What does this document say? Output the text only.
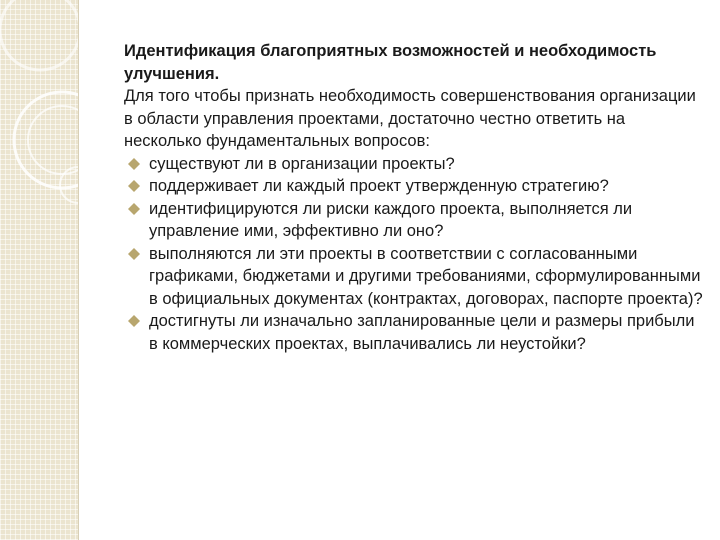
Идентификация благоприятных возможностей и необходимость улучшения.

Для того чтобы признать необходимость совершенствования организации в области управления проектами, достаточно честно ответить на несколько фундаментальных вопросов:

существуют ли в организации проекты?
поддерживает ли каждый проект утвержденную стратегию?
идентифицируются ли риски каждого проекта, выполняется ли управление ими, эффективно ли оно?
выполняются ли эти проекты в соответствии с согласованными графиками, бюджетами и другими требованиями, сформулированными в официальных документах (контрактах, договорах, паспорте проекта)?
достигнуты ли изначально запланированные цели и размеры прибыли в коммерческих проектах, выплачивались ли неустойки?
